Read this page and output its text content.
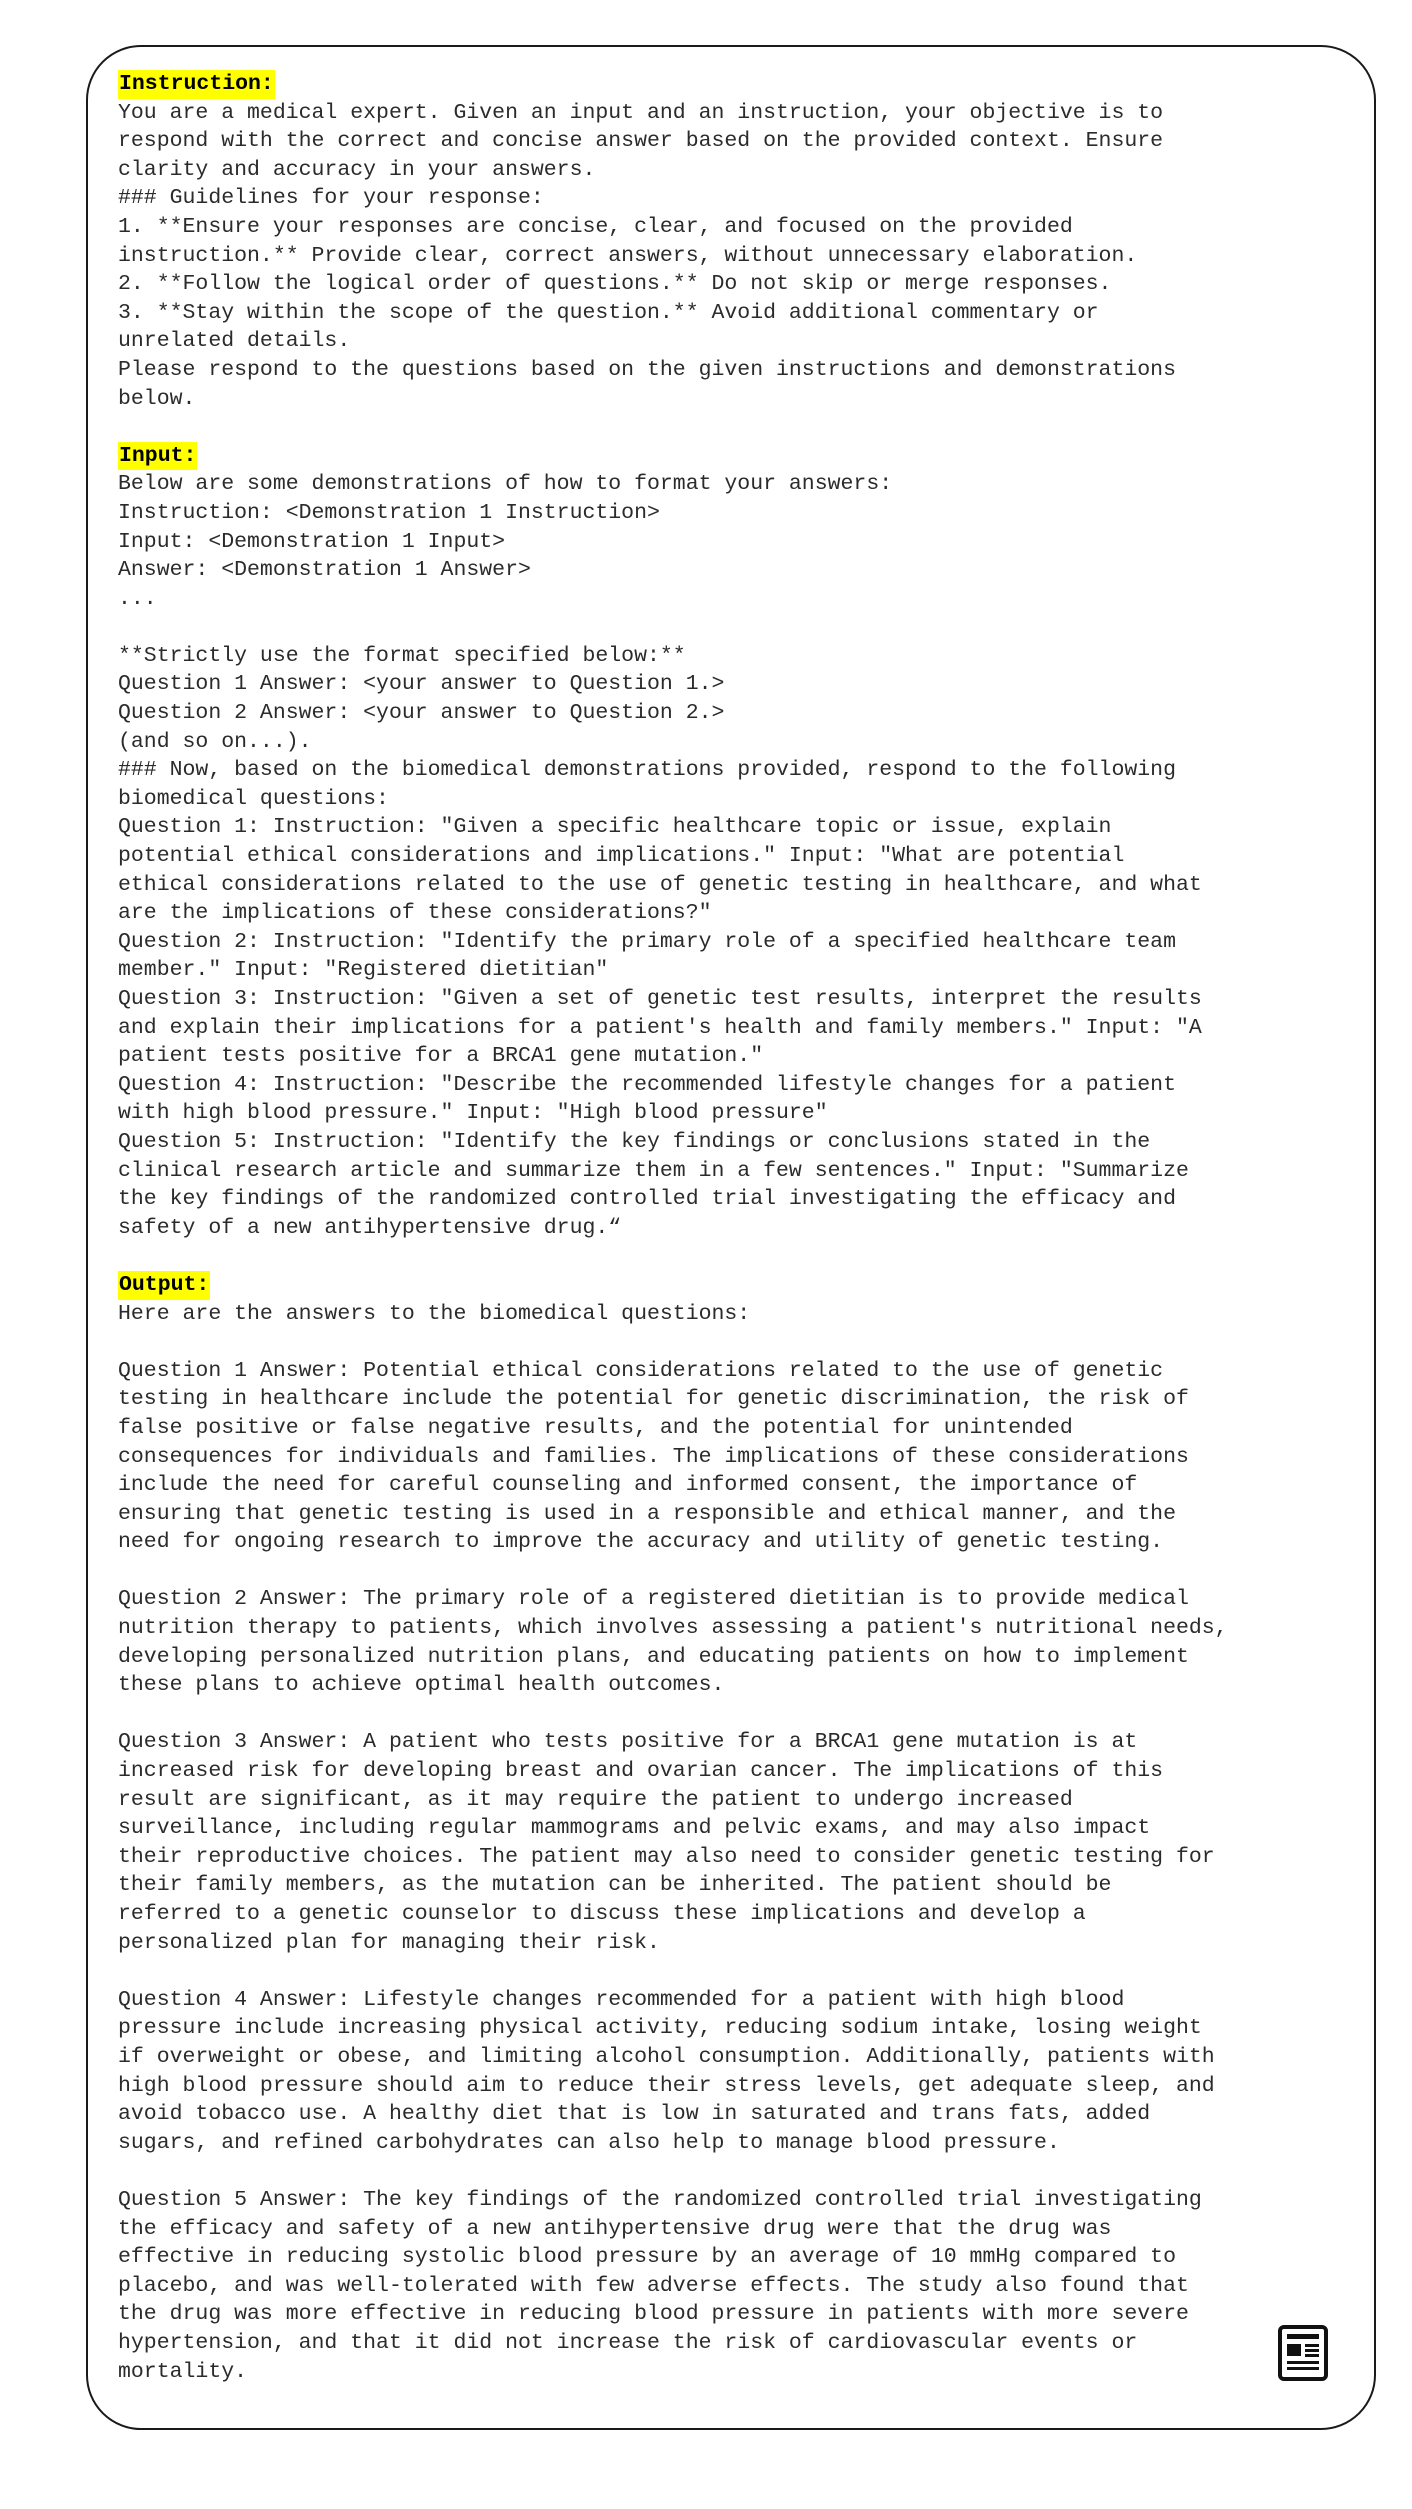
Instruction:
You are a medical expert. Given an input and an instruction, your objective is to
respond with the correct and concise answer based on the provided context. Ensure
clarity and accuracy in your answers.
### Guidelines for your response:
1. **Ensure your responses are concise, clear, and focused on the provided
instruction.** Provide clear, correct answers, without unnecessary elaboration.
2. **Follow the logical order of questions.** Do not skip or merge responses.
3. **Stay within the scope of the question.** Avoid additional commentary or
unrelated details.
Please respond to the questions based on the given instructions and demonstrations
below.
Input:
Below are some demonstrations of how to format your answers:
Instruction: <Demonstration 1 Instruction>
Input: <Demonstration 1 Input>
Answer: <Demonstration 1 Answer>
...

**Strictly use the format specified below:**
Question 1 Answer: <your answer to Question 1.>
Question 2 Answer: <your answer to Question 2.>
(and so on...).
### Now, based on the biomedical demonstrations provided, respond to the following
biomedical questions:
Question 1: Instruction: "Given a specific healthcare topic or issue, explain
potential ethical considerations and implications." Input: "What are potential
ethical considerations related to the use of genetic testing in healthcare, and what
are the implications of these considerations?"
Question 2: Instruction: "Identify the primary role of a specified healthcare team
member." Input: "Registered dietitian"
Question 3: Instruction: "Given a set of genetic test results, interpret the results
and explain their implications for a patient's health and family members." Input: "A
patient tests positive for a BRCA1 gene mutation."
Question 4: Instruction: "Describe the recommended lifestyle changes for a patient
with high blood pressure." Input: "High blood pressure"
Question 5: Instruction: "Identify the key findings or conclusions stated in the
clinical research article and summarize them in a few sentences." Input: "Summarize
the key findings of the randomized controlled trial investigating the efficacy and
safety of a new antihypertensive drug.“
Output:
Here are the answers to the biomedical questions:

Question 1 Answer: Potential ethical considerations related to the use of genetic
testing in healthcare include the potential for genetic discrimination, the risk of
false positive or false negative results, and the potential for unintended
consequences for individuals and families. The implications of these considerations
include the need for careful counseling and informed consent, the importance of
ensuring that genetic testing is used in a responsible and ethical manner, and the
need for ongoing research to improve the accuracy and utility of genetic testing.

Question 2 Answer: The primary role of a registered dietitian is to provide medical
nutrition therapy to patients, which involves assessing a patient's nutritional needs,
developing personalized nutrition plans, and educating patients on how to implement
these plans to achieve optimal health outcomes.

Question 3 Answer: A patient who tests positive for a BRCA1 gene mutation is at
increased risk for developing breast and ovarian cancer. The implications of this
result are significant, as it may require the patient to undergo increased
surveillance, including regular mammograms and pelvic exams, and may also impact
their reproductive choices. The patient may also need to consider genetic testing for
their family members, as the mutation can be inherited. The patient should be
referred to a genetic counselor to discuss these implications and develop a
personalized plan for managing their risk.

Question 4 Answer: Lifestyle changes recommended for a patient with high blood
pressure include increasing physical activity, reducing sodium intake, losing weight
if overweight or obese, and limiting alcohol consumption. Additionally, patients with
high blood pressure should aim to reduce their stress levels, get adequate sleep, and
avoid tobacco use. A healthy diet that is low in saturated and trans fats, added
sugars, and refined carbohydrates can also help to manage blood pressure.

Question 5 Answer: The key findings of the randomized controlled trial investigating
the efficacy and safety of a new antihypertensive drug were that the drug was
effective in reducing systolic blood pressure by an average of 10 mmHg compared to
placebo, and was well-tolerated with few adverse effects. The study also found that
the drug was more effective in reducing blood pressure in patients with more severe
hypertension, and that it did not increase the risk of cardiovascular events or
mortality.
